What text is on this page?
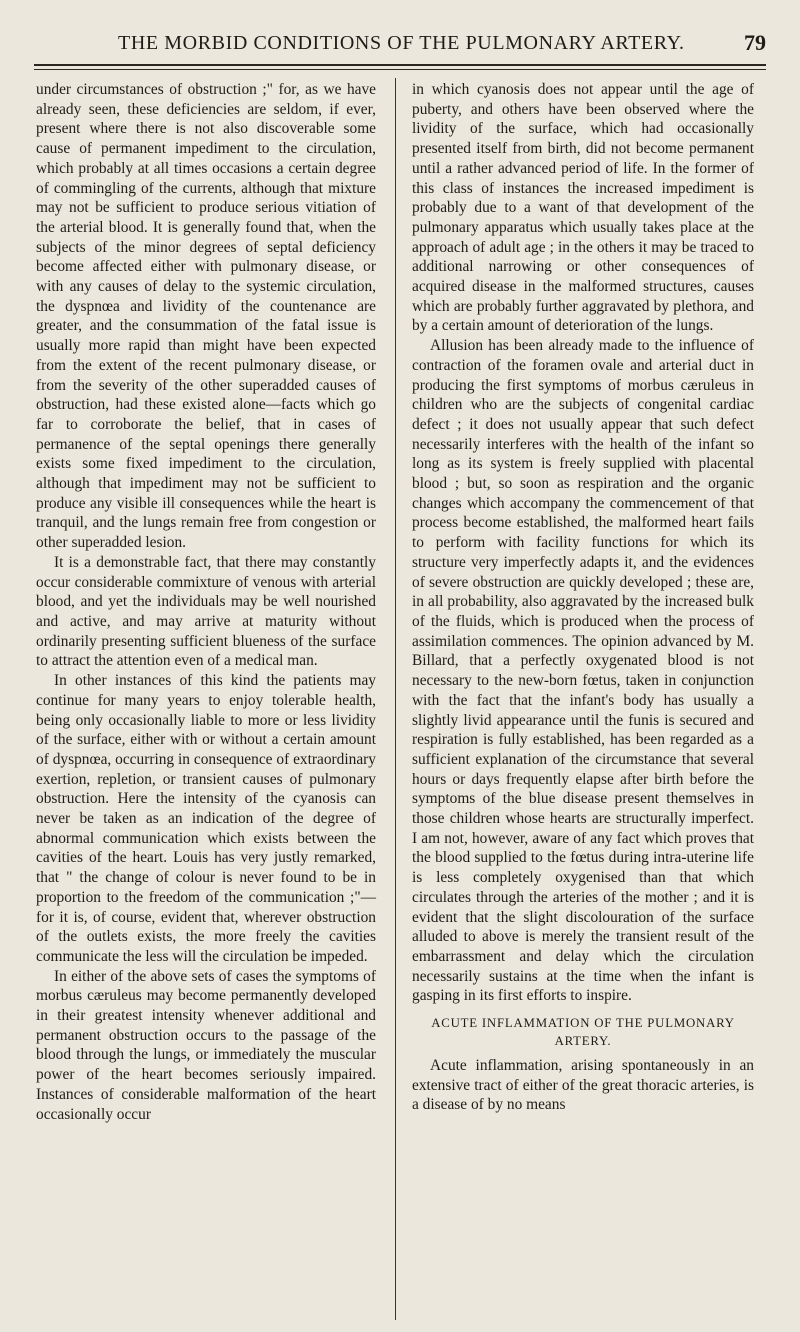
THE MORBID CONDITIONS OF THE PULMONARY ARTERY.	79

under circumstances of obstruction ;" for, as we have already seen, these deficiencies are seldom, if ever, present where there is not also discoverable some cause of permanent impediment to the circulation, which probably at all times occasions a certain degree of commingling of the currents, although that mixture may not be sufficient to produce serious vitiation of the arterial blood. It is generally found that, when the subjects of the minor degrees of septal deficiency become affected either with pulmonary disease, or with any causes of delay to the systemic circulation, the dyspnœa and lividity of the countenance are greater, and the consummation of the fatal issue is usually more rapid than might have been expected from the extent of the recent pulmonary disease, or from the severity of the other superadded causes of obstruction, had these existed alone—facts which go far to corroborate the belief, that in cases of permanence of the septal openings there generally exists some fixed impediment to the circulation, although that impediment may not be sufficient to produce any visible ill consequences while the heart is tranquil, and the lungs remain free from congestion or other superadded lesion.

It is a demonstrable fact, that there may constantly occur considerable commixture of venous with arterial blood, and yet the individuals may be well nourished and active, and may arrive at maturity without ordinarily presenting sufficient blueness of the surface to attract the attention even of a medical man.

In other instances of this kind the patients may continue for many years to enjoy tolerable health, being only occasionally liable to more or less lividity of the surface, either with or without a certain amount of dyspnœa, occurring in consequence of extraordinary exertion, repletion, or transient causes of pulmonary obstruction. Here the intensity of the cyanosis can never be taken as an indication of the degree of abnormal communication which exists between the cavities of the heart. Louis has very justly remarked, that " the change of colour is never found to be in proportion to the freedom of the communication ;"—for it is, of course, evident that, wherever obstruction of the outlets exists, the more freely the cavities communicate the less will the circulation be impeded.

In either of the above sets of cases the symptoms of morbus cæruleus may become permanently developed in their greatest intensity whenever additional and permanent obstruction occurs to the passage of the blood through the lungs, or immediately the muscular power of the heart becomes seriously impaired. Instances of considerable malformation of the heart occasionally occur

in which cyanosis does not appear until the age of puberty, and others have been observed where the lividity of the surface, which had occasionally presented itself from birth, did not become permanent until a rather advanced period of life. In the former of this class of instances the increased impediment is probably due to a want of that development of the pulmonary apparatus which usually takes place at the approach of adult age ; in the others it may be traced to additional narrowing or other consequences of acquired disease in the malformed structures, causes which are probably further aggravated by plethora, and by a certain amount of deterioration of the lungs.

Allusion has been already made to the influence of contraction of the foramen ovale and arterial duct in producing the first symptoms of morbus cæruleus in children who are the subjects of congenital cardiac defect ; it does not usually appear that such defect necessarily interferes with the health of the infant so long as its system is freely supplied with placental blood ; but, so soon as respiration and the organic changes which accompany the commencement of that process become established, the malformed heart fails to perform with facility functions for which its structure very imperfectly adapts it, and the evidences of severe obstruction are quickly developed ; these are, in all probability, also aggravated by the increased bulk of the fluids, which is produced when the process of assimilation commences. The opinion advanced by M. Billard, that a perfectly oxygenated blood is not necessary to the new-born fœtus, taken in conjunction with the fact that the infant's body has usually a slightly livid appearance until the funis is secured and respiration is fully established, has been regarded as a sufficient explanation of the circumstance that several hours or days frequently elapse after birth before the symptoms of the blue disease present themselves in those children whose hearts are structurally imperfect. I am not, however, aware of any fact which proves that the blood supplied to the fœtus during intra-uterine life is less completely oxygenised than that which circulates through the arteries of the mother ; and it is evident that the slight discolouration of the surface alluded to above is merely the transient result of the embarrassment and delay which the circulation necessarily sustains at the time when the infant is gasping in its first efforts to inspire.

ACUTE INFLAMMATION OF THE PULMONARY ARTERY.

Acute inflammation, arising spontaneously in an extensive tract of either of the great thoracic arteries, is a disease of by no means
